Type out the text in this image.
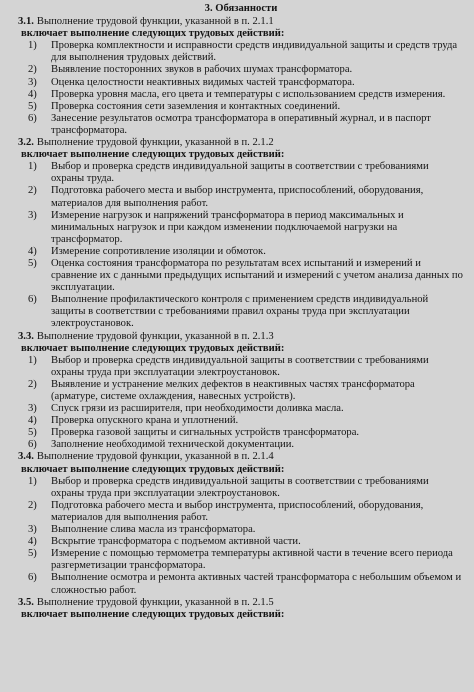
3. Обязанности
3.1. Выполнение трудовой функции, указанной в п. 2.1.1
включает выполнение следующих трудовых действий:
1) Проверка комплектности и исправности средств индивидуальной защиты и средств труда для выполнения трудовых действий.
2) Выявление посторонних звуков в рабочих шумах трансформатора.
3) Оценка целостности неактивных видимых частей трансформатора.
4) Проверка уровня масла, его цвета и температуры с использованием средств измерения.
5) Проверка состояния сети заземления и контактных соединений.
6) Занесение результатов осмотра трансформатора в оперативный журнал, и в паспорт трансформатора.
3.2. Выполнение трудовой функции, указанной в п. 2.1.2
включает выполнение следующих трудовых действий:
1) Выбор и проверка средств индивидуальной защиты в соответствии с требованиями охраны труда.
2) Подготовка рабочего места и выбор инструмента, приспособлений, оборудования, материалов для выполнения работ.
3) Измерение нагрузок и напряжений трансформатора в период максимальных и минимальных нагрузок и при каждом изменении подключаемой нагрузки на трансформатор.
4) Измерение сопротивление изоляции и обмоток.
5) Оценка состояния трансформатора по результатам всех испытаний и измерений и сравнение их с данными предыдущих испытаний и измерений с учетом анализа данных по эксплуатации.
6) Выполнение профилактического контроля с применением средств индивидуальной защиты в соответствии с требованиями правил охраны труда при эксплуатации электроустановок.
3.3. Выполнение трудовой функции, указанной в п. 2.1.3
включает выполнение следующих трудовых действий:
1) Выбор и проверка средств индивидуальной защиты в соответствии с требованиями охраны труда при эксплуатации электроустановок.
2) Выявление и устранение мелких дефектов в неактивных частях трансформатора (арматуре, системе охлаждения, навесных устройств).
3) Спуск грязи из расширителя, при необходимости доливка масла.
4) Проверка опускного крана и уплотнений.
5) Проверка газовой защиты и сигнальных устройств трансформатора.
6) Заполнение необходимой технической документации.
3.4. Выполнение трудовой функции, указанной в п. 2.1.4
включает выполнение следующих трудовых действий:
1) Выбор и проверка средств индивидуальной защиты в соответствии с требованиями охраны труда при эксплуатации электроустановок.
2) Подготовка рабочего места и выбор инструмента, приспособлений, оборудования, материалов для выполнения работ.
3) Выполнение слива масла из трансформатора.
4) Вскрытие трансформатора с подъемом активной части.
5) Измерение с помощью термометра температуры активной части в течение всего периода разгерметизации трансформатора.
6) Выполнение осмотра и ремонта активных частей трансформатора с небольшим объемом и сложностью работ.
3.5. Выполнение трудовой функции, указанной в п. 2.1.5
включает выполнение следующих трудовых действий:
